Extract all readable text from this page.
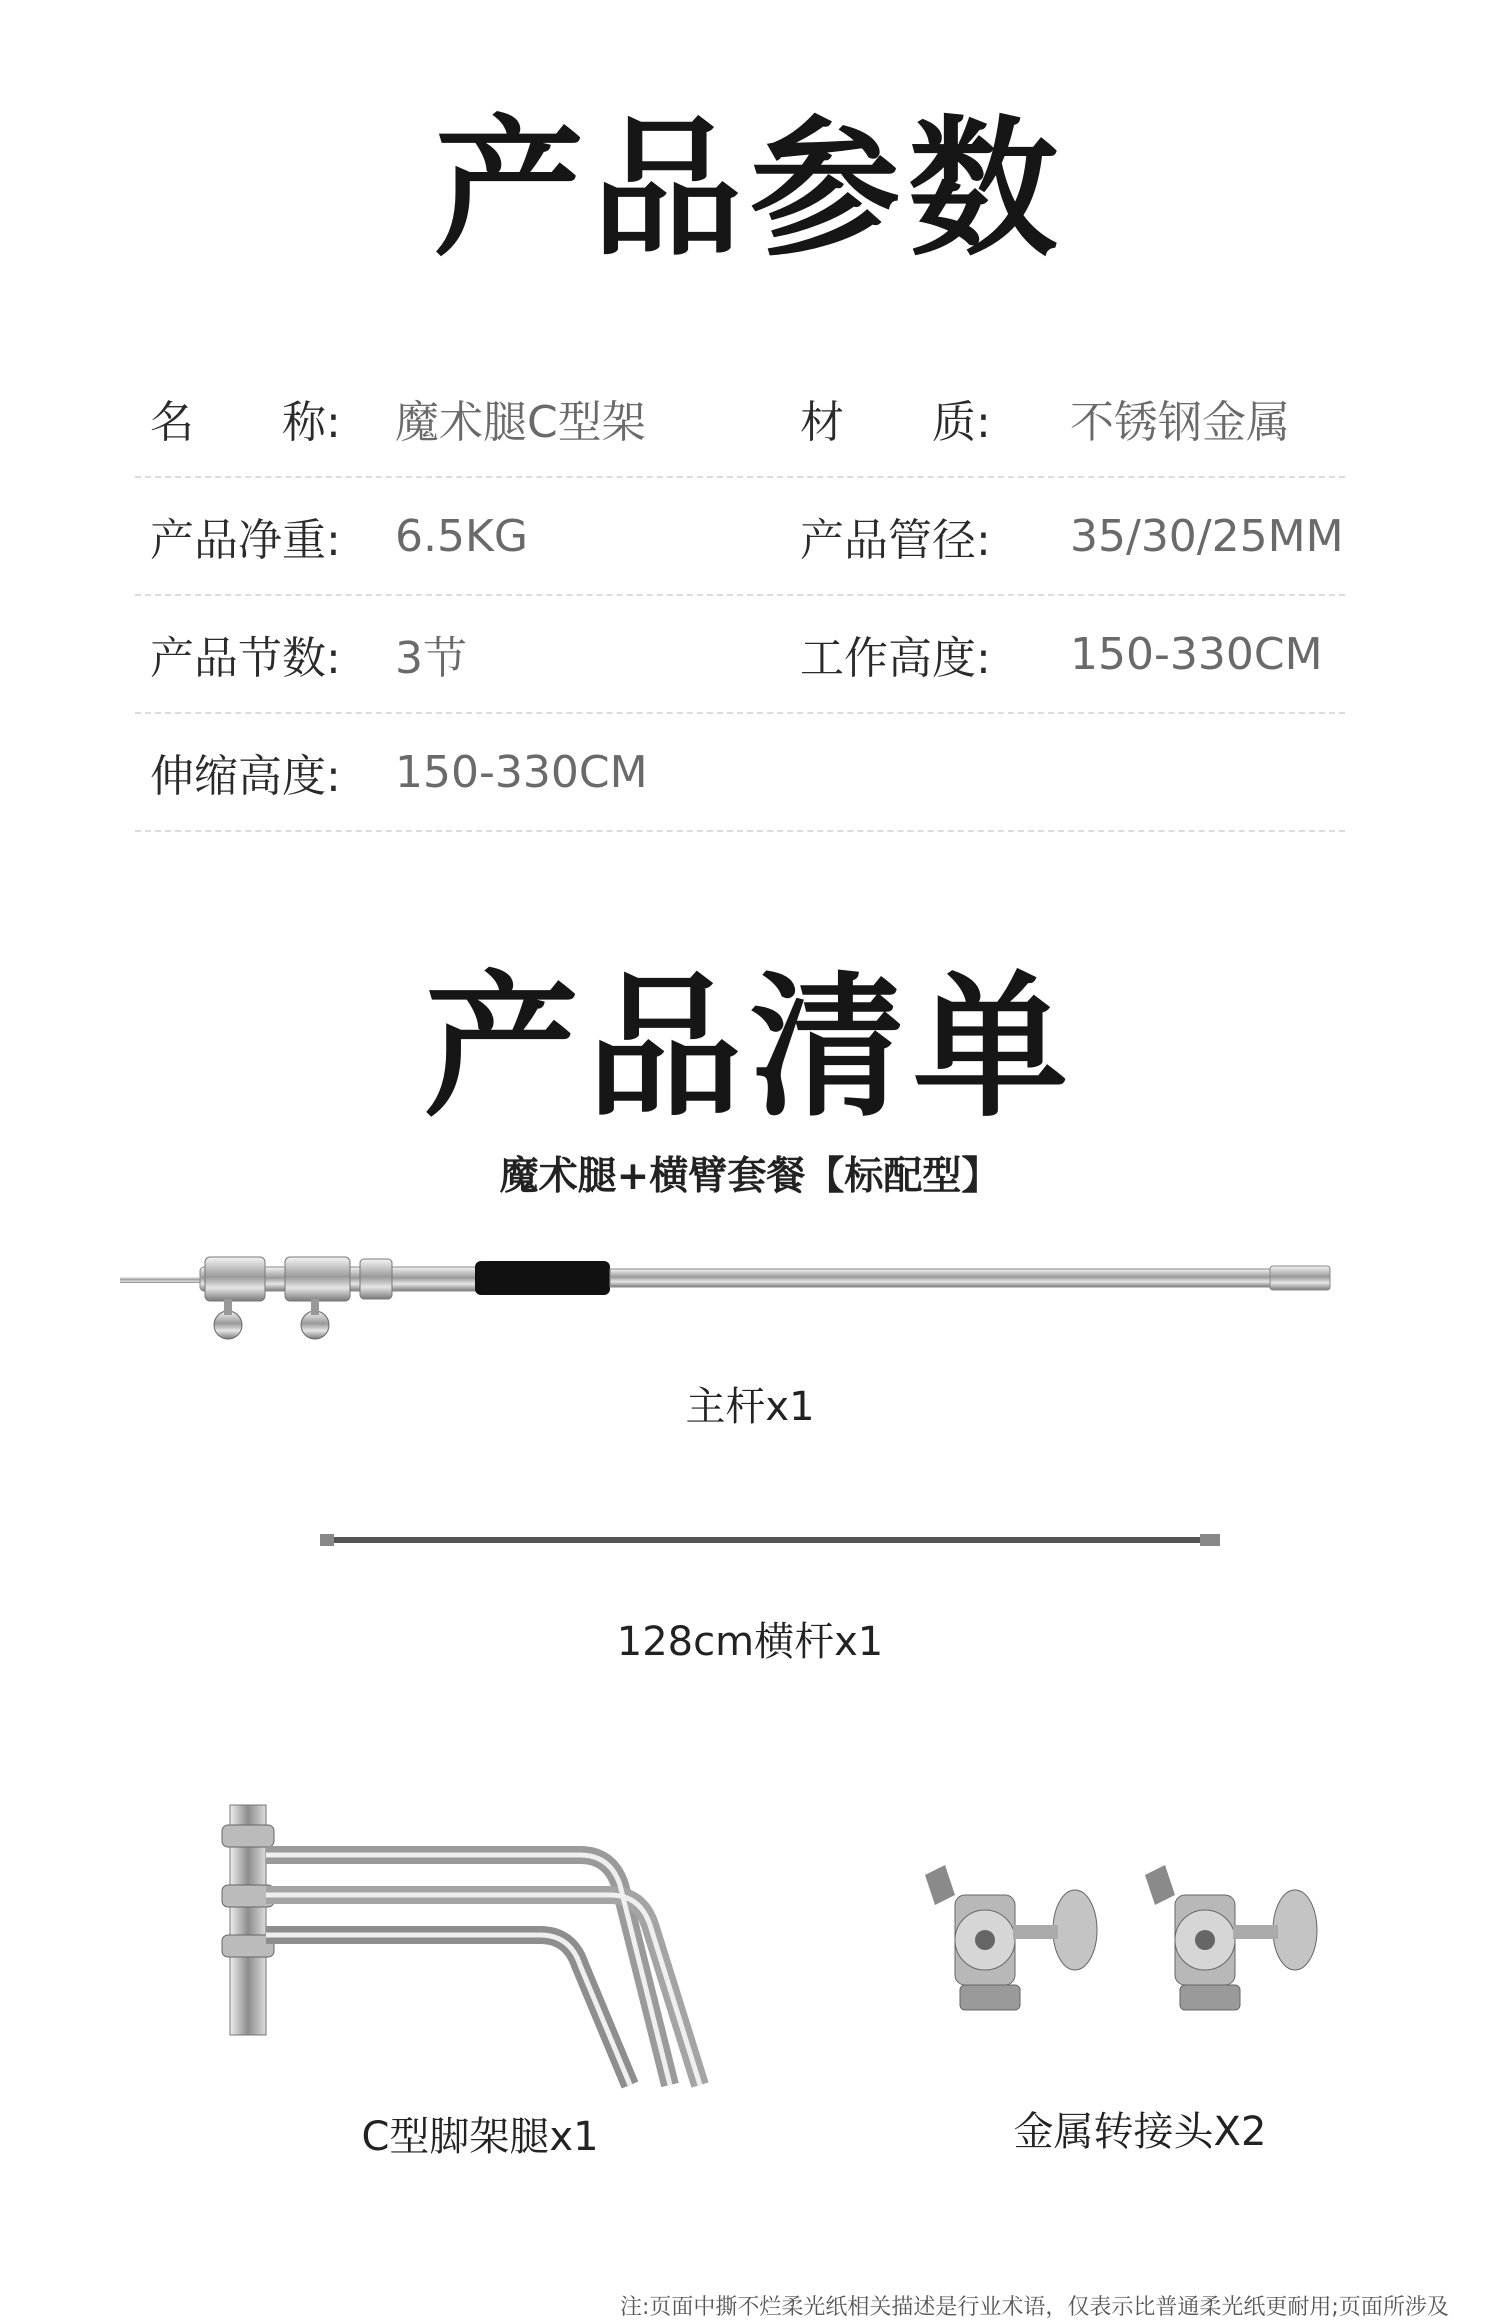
产品参数
名　　称: 魔术腿C型架	材　　质: 不锈钢金属
产品净重: 6.5KG	产品管径: 35/30/25MM
产品节数: 3节	工作高度: 150-330CM
伸缩高度: 150-330CM
产品清单
魔术腿+横臂套餐【标配型】
主杆x1
128cm横杆x1
C型脚架腿x1	金属转接头X2
注:页面中撕不烂柔光纸相关描述是行业术语，仅表示比普通柔光纸更耐用;页面所涉及
